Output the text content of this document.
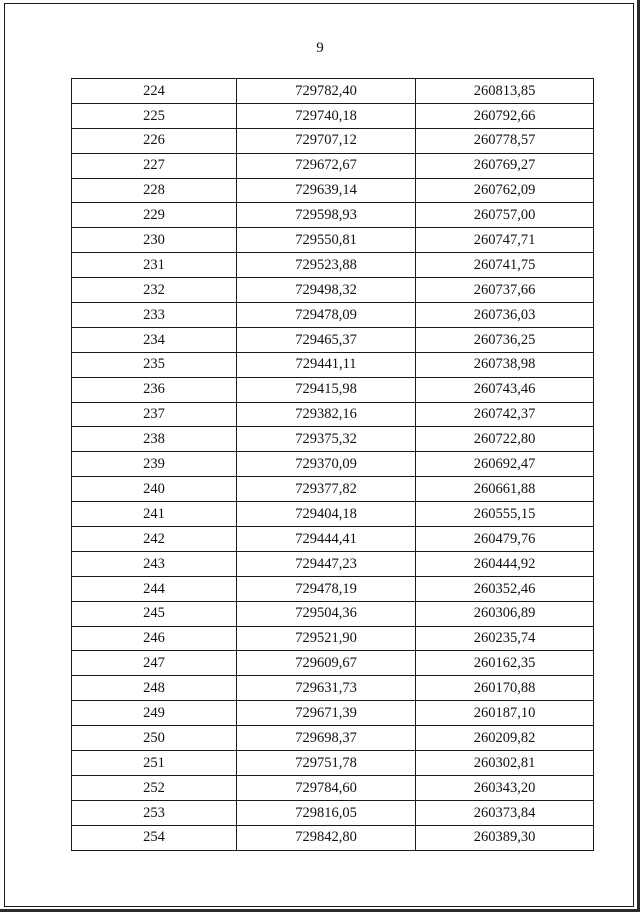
9
224	729782,40	260813,85
225	729740,18	260792,66
226	729707,12	260778,57
227	729672,67	260769,27
228	729639,14	260762,09
229	729598,93	260757,00
230	729550,81	260747,71
231	729523,88	260741,75
232	729498,32	260737,66
233	729478,09	260736,03
234	729465,37	260736,25
235	729441,11	260738,98
236	729415,98	260743,46
237	729382,16	260742,37
238	729375,32	260722,80
239	729370,09	260692,47
240	729377,82	260661,88
241	729404,18	260555,15
242	729444,41	260479,76
243	729447,23	260444,92
244	729478,19	260352,46
245	729504,36	260306,89
246	729521,90	260235,74
247	729609,67	260162,35
248	729631,73	260170,88
249	729671,39	260187,10
250	729698,37	260209,82
251	729751,78	260302,81
252	729784,60	260343,20
253	729816,05	260373,84
254	729842,80	260389,30
